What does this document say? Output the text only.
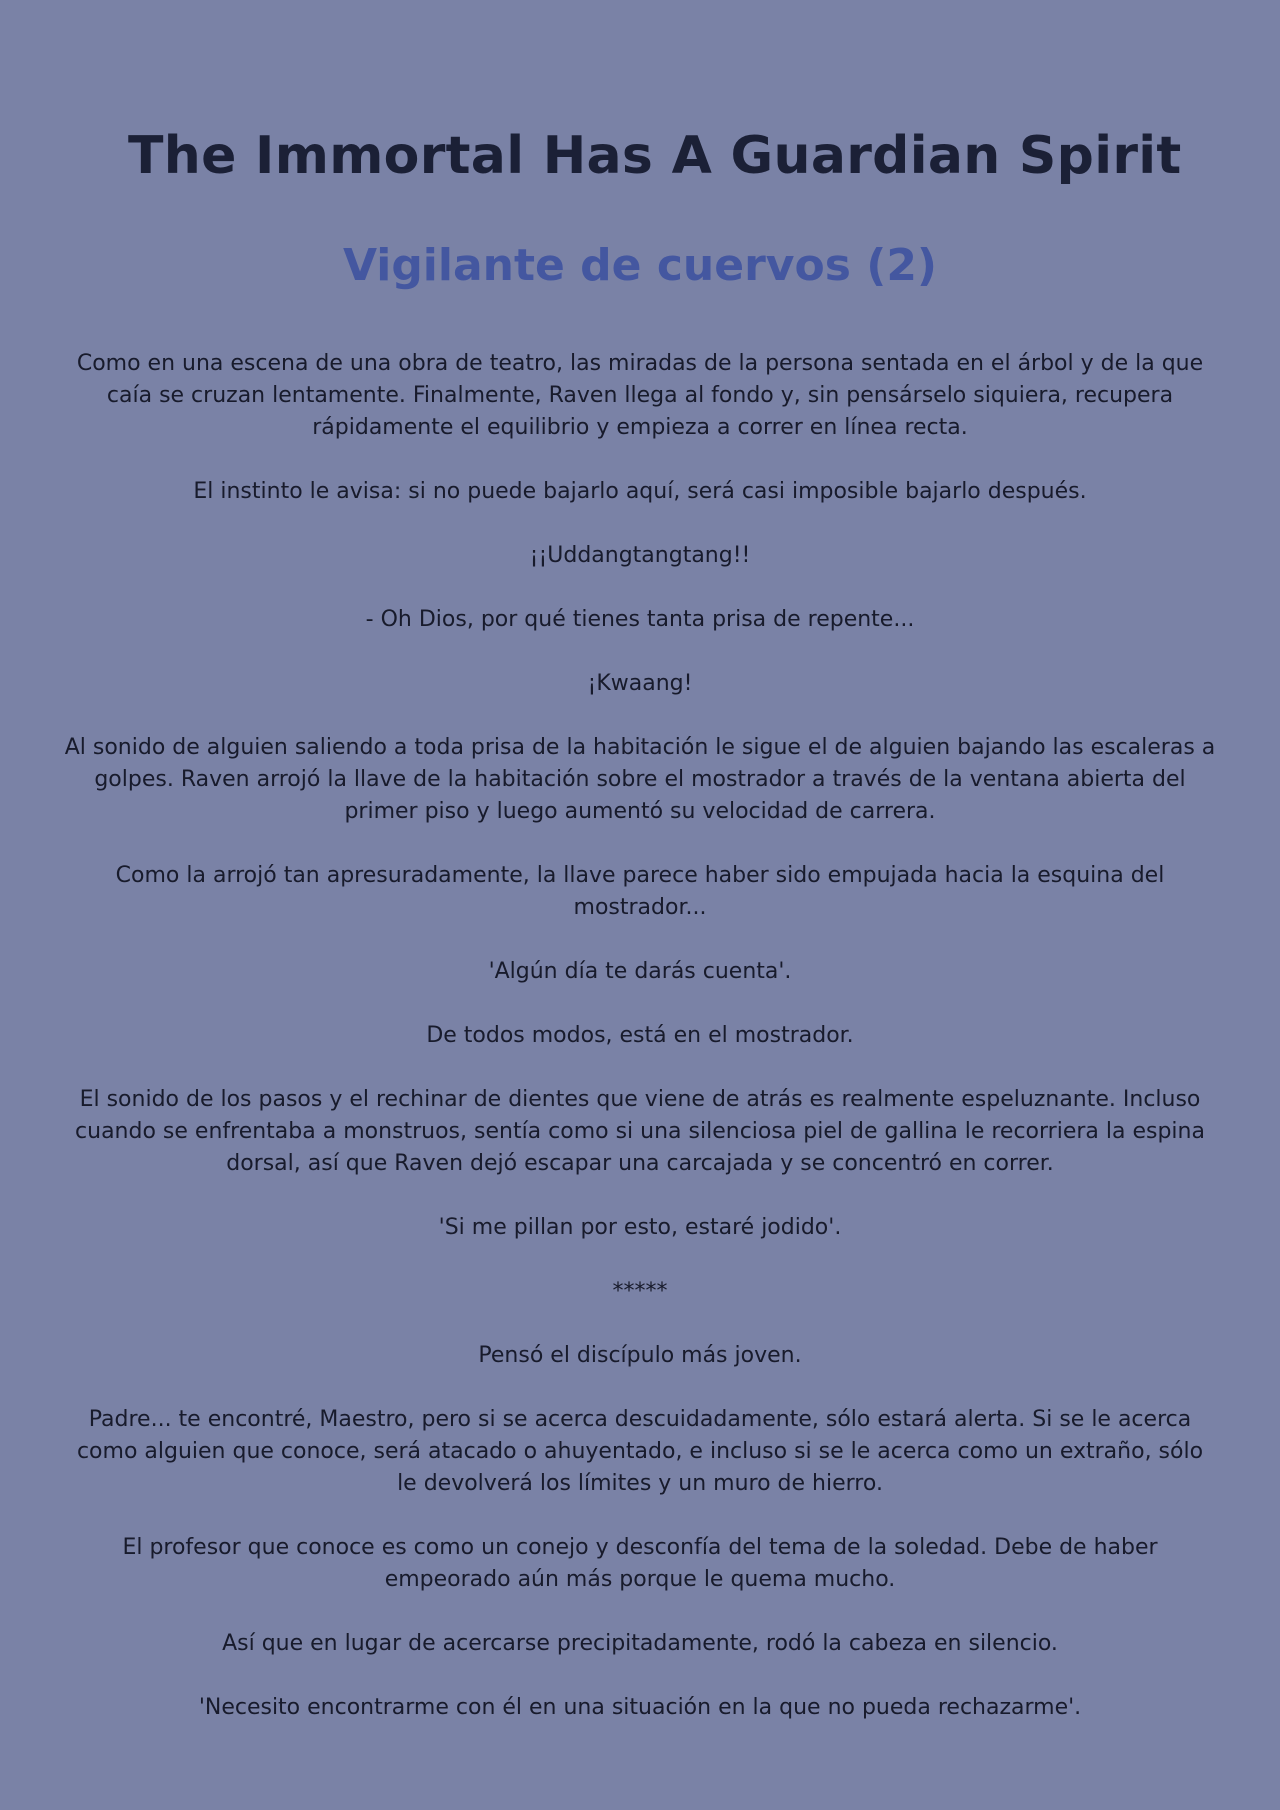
The Immortal Has A Guardian Spirit
Vigilante de cuervos (2)

Como en una escena de una obra de teatro, las miradas de la persona sentada en el árbol y de la que caía se cruzan lentamente. Finalmente, Raven llega al fondo y, sin pensárselo siquiera, recupera rápidamente el equilibrio y empieza a correr en línea recta.

El instinto le avisa: si no puede bajarlo aquí, será casi imposible bajarlo después.

¡¡Uddangtangtang!!

- Oh Dios, por qué tienes tanta prisa de repente...

¡Kwaang!

Al sonido de alguien saliendo a toda prisa de la habitación le sigue el de alguien bajando las escaleras a golpes. Raven arrojó la llave de la habitación sobre el mostrador a través de la ventana abierta del primer piso y luego aumentó su velocidad de carrera.

Como la arrojó tan apresuradamente, la llave parece haber sido empujada hacia la esquina del mostrador...

'Algún día te darás cuenta'.

De todos modos, está en el mostrador.

El sonido de los pasos y el rechinar de dientes que viene de atrás es realmente espeluznante. Incluso cuando se enfrentaba a monstruos, sentía como si una silenciosa piel de gallina le recorriera la espina dorsal, así que Raven dejó escapar una carcajada y se concentró en correr.

'Si me pillan por esto, estaré jodido'.

*****

Pensó el discípulo más joven.

Padre... te encontré, Maestro, pero si se acerca descuidadamente, sólo estará alerta. Si se le acerca como alguien que conoce, será atacado o ahuyentado, e incluso si se le acerca como un extraño, sólo le devolverá los límites y un muro de hierro.

El profesor que conoce es como un conejo y desconfía del tema de la soledad. Debe de haber empeorado aún más porque le quema mucho.

Así que en lugar de acercarse precipitadamente, rodó la cabeza en silencio.

'Necesito encontrarme con él en una situación en la que no pueda rechazarme'.
